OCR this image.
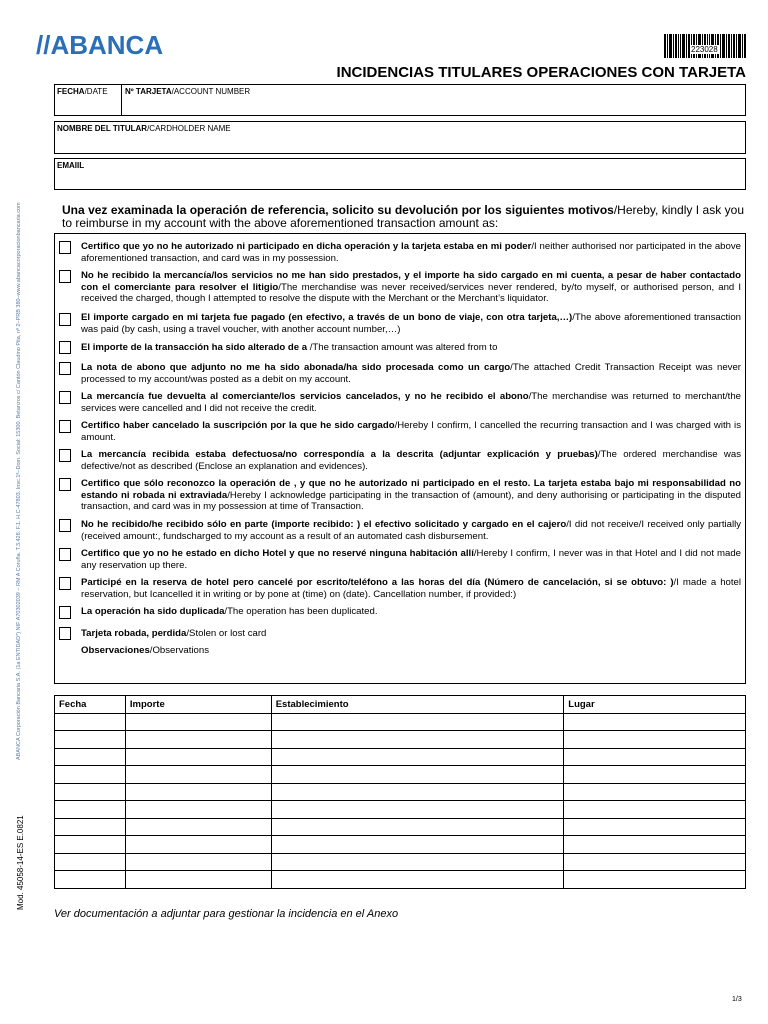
//ABANCA	223028
INCIDENCIAS TITULARES OPERACIONES CON TARJETA
ABANCA Corporación Bancaria S.A. (1a ENTIDAD*) NIF A70302039 – RM A Coruña. T.3.428. F.1. H.C-47803. Insc.1ª–Dom. Social: 15300. Betanzos c/ Cantón Claudino Pita, nº 2–PRB 380–www.abancacorporacionbancaria.com
Mod. 45058-14-ES E.0821
FECHA/DATE	Nº TARJETA/ACCOUNT NUMBER
NOMBRE DEL TITULAR/CARDHOLDER NAME
EMAIIL
Una vez examinada la operación de referencia, solicito su devolución por los siguientes motivos/Hereby, kindly I ask you to reimburse in my account with the above aforementioned transaction amount as:
Certifico que yo no he autorizado ni participado en dicha operación y la tarjeta estaba en mi poder/I neither authorised nor participated in the above aforementioned transaction, and card was in my possession.
No he recibido la mercancía/los servicios no me han sido prestados, y el importe ha sido cargado en mi cuenta, a pesar de haber contactado con el comerciante para resolver el litigio/The merchandise was never received/services never rendered, by/to myself, or authorised person, and I received the charged, though I attempted to resolve the dispute with the Merchant or the Merchant’s liquidator.
El importe cargado en mi tarjeta fue pagado (en efectivo, a través de un bono de viaje, con otra tarjeta,…)/The above aforementioned transaction was paid (by cash, using a travel voucher, with another account number,…)
El importe de la transacción ha sido alterado de a /The transaction amount was altered from to
La nota de abono que adjunto no me ha sido abonada/ha sido procesada como un cargo/The attached Credit Transaction Receipt was never processed to my account/was posted as a debit on my account.
La mercancía fue devuelta al comerciante/los servicios cancelados, y no he recibido el abono/The merchandise was returned to merchant/the services were cancelled and I did not receive the credit.
Certifico haber cancelado la suscripción por la que he sido cargado/Hereby I confirm, I cancelled the recurring transaction and I was charged with is amount.
La mercancía recibida estaba defectuosa/no correspondía a la descrita (adjuntar explicación y pruebas)/The ordered merchandise was defective/not as described (Enclose an explanation and evidences).
Certifico que sólo reconozco la operación de , y que no he autorizado ni participado en el resto. La tarjeta estaba bajo mi responsabilidad no estando ni robada ni extraviada/Hereby I acknowledge participating in the transaction of (amount), and deny authorising or participating in the disputed transaction, and card was in my possession at time of Transaction.
No he recibido/he recibido sólo en parte (importe recibido: ) el efectivo solicitado y cargado en el cajero/I did not receive/I received only partially (received amount:, fundscharged to my account as a result of an automated cash disbursement.
Certifico que yo no he estado en dicho Hotel y que no reservé ninguna habitación allí/Hereby I confirm, I never was in that Hotel and I did not made any reservation up there.
Participé en la reserva de hotel pero cancelé por escrito/teléfono a las horas del día (Número de cancelación, si se obtuvo: )/I made a hotel reservation, but Icancelled it in writing or by pone at (time) on (date). Cancellation number, if provided:)
La operación ha sido duplicada/The operation has been duplicated.
Tarjeta robada, perdida/Stolen or lost card
Observaciones/Observations
Fecha	Importe	Establecimiento	Lugar

Ver documentación a adjuntar para gestionar la incidencia en el Anexo
1/3
